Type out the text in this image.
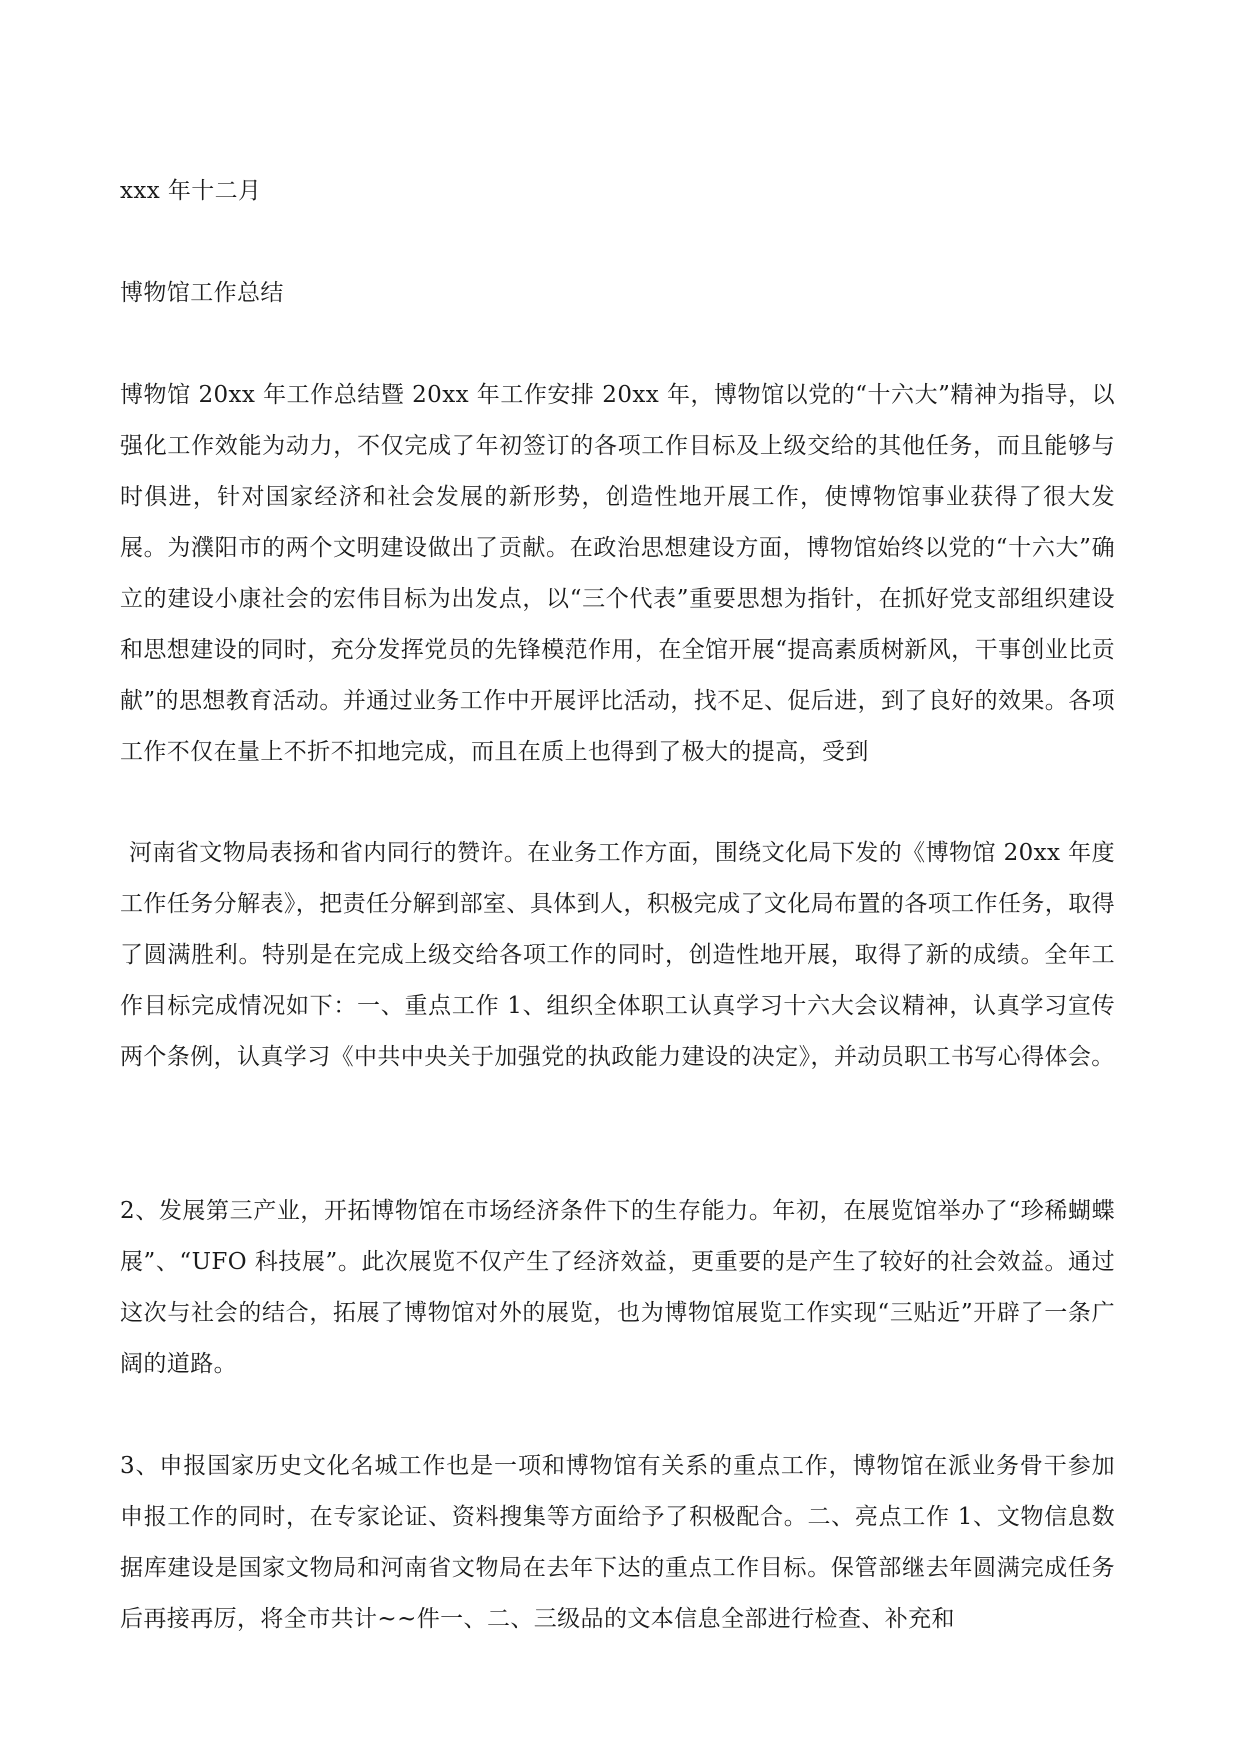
xxx 年十二月

博物馆工作总结

博物馆 20xx 年工作总结暨 20xx 年工作安排 20xx 年，博物馆以党的“十六大”精神为指导，以强化工作效能为动力，不仅完成了年初签订的各项工作目标及上级交给的其他任务，而且能够与时俱进，针对国家经济和社会发展的新形势，创造性地开展工作，使博物馆事业获得了很大发展。为濮阳市的两个文明建设做出了贡献。在政治思想建设方面，博物馆始终以党的“十六大”确立的建设小康社会的宏伟目标为出发点，以“三个代表”重要思想为指针，在抓好党支部组织建设和思想建设的同时，充分发挥党员的先锋模范作用，在全馆开展“提高素质树新风，干事创业比贡献”的思想教育活动。并通过业务工作中开展评比活动，找不足、促后进，到了良好的效果。各项工作不仅在量上不折不扣地完成，而且在质上也得到了极大的提高，受到

河南省文物局表扬和省内同行的赞许。在业务工作方面，围绕文化局下发的《博物馆 20xx 年度工作任务分解表》，把责任分解到部室、具体到人，积极完成了文化局布置的各项工作任务，取得了圆满胜利。特别是在完成上级交给各项工作的同时，创造性地开展，取得了新的成绩。全年工作目标完成情况如下：一、重点工作 1、组织全体职工认真学习十六大会议精神，认真学习宣传两个条例，认真学习《中共中央关于加强党的执政能力建设的决定》，并动员职工书写心得体会。

2、发展第三产业，开拓博物馆在市场经济条件下的生存能力。年初，在展览馆举办了“珍稀蝴蝶展”、“UFO 科技展”。此次展览不仅产生了经济效益，更重要的是产生了较好的社会效益。通过这次与社会的结合，拓展了博物馆对外的展览，也为博物馆展览工作实现“三贴近”开辟了一条广阔的道路。

3、申报国家历史文化名城工作也是一项和博物馆有关系的重点工作，博物馆在派业务骨干参加申报工作的同时，在专家论证、资料搜集等方面给予了积极配合。二、亮点工作 1、文物信息数据库建设是国家文物局和河南省文物局在去年下达的重点工作目标。保管部继去年圆满完成任务后再接再厉，将全市共计~~件一、二、三级品的文本信息全部进行检查、补充和
